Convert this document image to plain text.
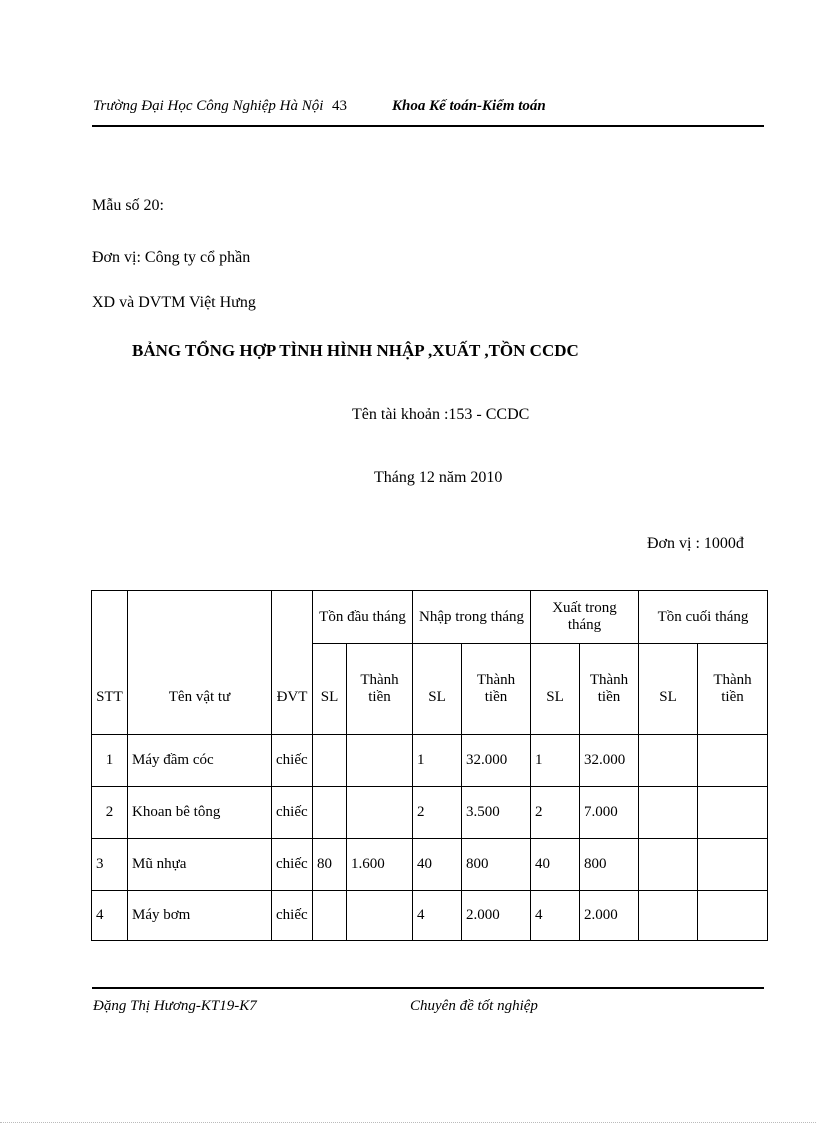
Trường Đại Học Công Nghiệp Hà Nội 43	Khoa Kế toán-Kiểm toán
Mẫu số 20:
Đơn vị: Công ty cổ phần
XD và DVTM Việt Hưng
BẢNG TỔNG HỢP TÌNH HÌNH NHẬP ,XUẤT ,TỒN CCDC
Tên tài khoản :153 - CCDC
Tháng 12 năm 2010
Đơn vị : 1000đ
STT	Tên vật tư	ĐVT	Tồn đầu tháng		Nhập trong tháng		Xuất trong tháng		Tồn cuối tháng	
			SL	Thành tiền	SL	Thành tiền	SL	Thành tiền	SL	Thành tiền
1	Máy đầm cóc	chiếc			1	32.000	1	32.000		
2	Khoan bê tông	chiếc			2	3.500	2	7.000		
3	Mũ nhựa	chiếc	80	1.600	40	800	40	800		
4	Máy bơm	chiếc			4	2.000	4	2.000		
Đặng Thị Hương-KT19-K7	Chuyên đề tốt nghiệp
